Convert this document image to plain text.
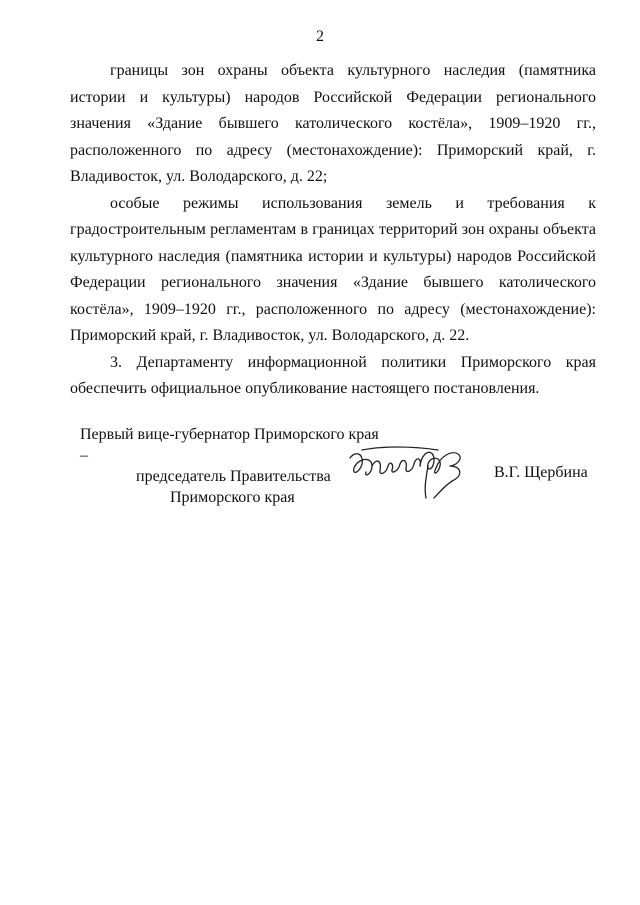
2

границы зон охраны объекта культурного наследия (памятника истории и культуры) народов Российской Федерации регионального значения «Здание бывшего католического костёла», 1909–1920 гг., расположенного по адресу (местонахождение): Приморский край, г. Владивосток, ул. Володарского, д. 22;

особые режимы использования земель и требования к градостроительным регламентам в границах территорий зон охраны объекта культурного наследия (памятника истории и культуры) народов Российской Федерации регионального значения «Здание бывшего католического костёла», 1909–1920 гг., расположенного по адресу (местонахождение): Приморский край, г. Владивосток, ул. Володарского, д. 22.

3. Департаменту информационной политики Приморского края обеспечить официальное опубликование настоящего постановления.

Первый вице-губернатор Приморского края –
председатель Правительства
Приморского края
В.Г. Щербина
